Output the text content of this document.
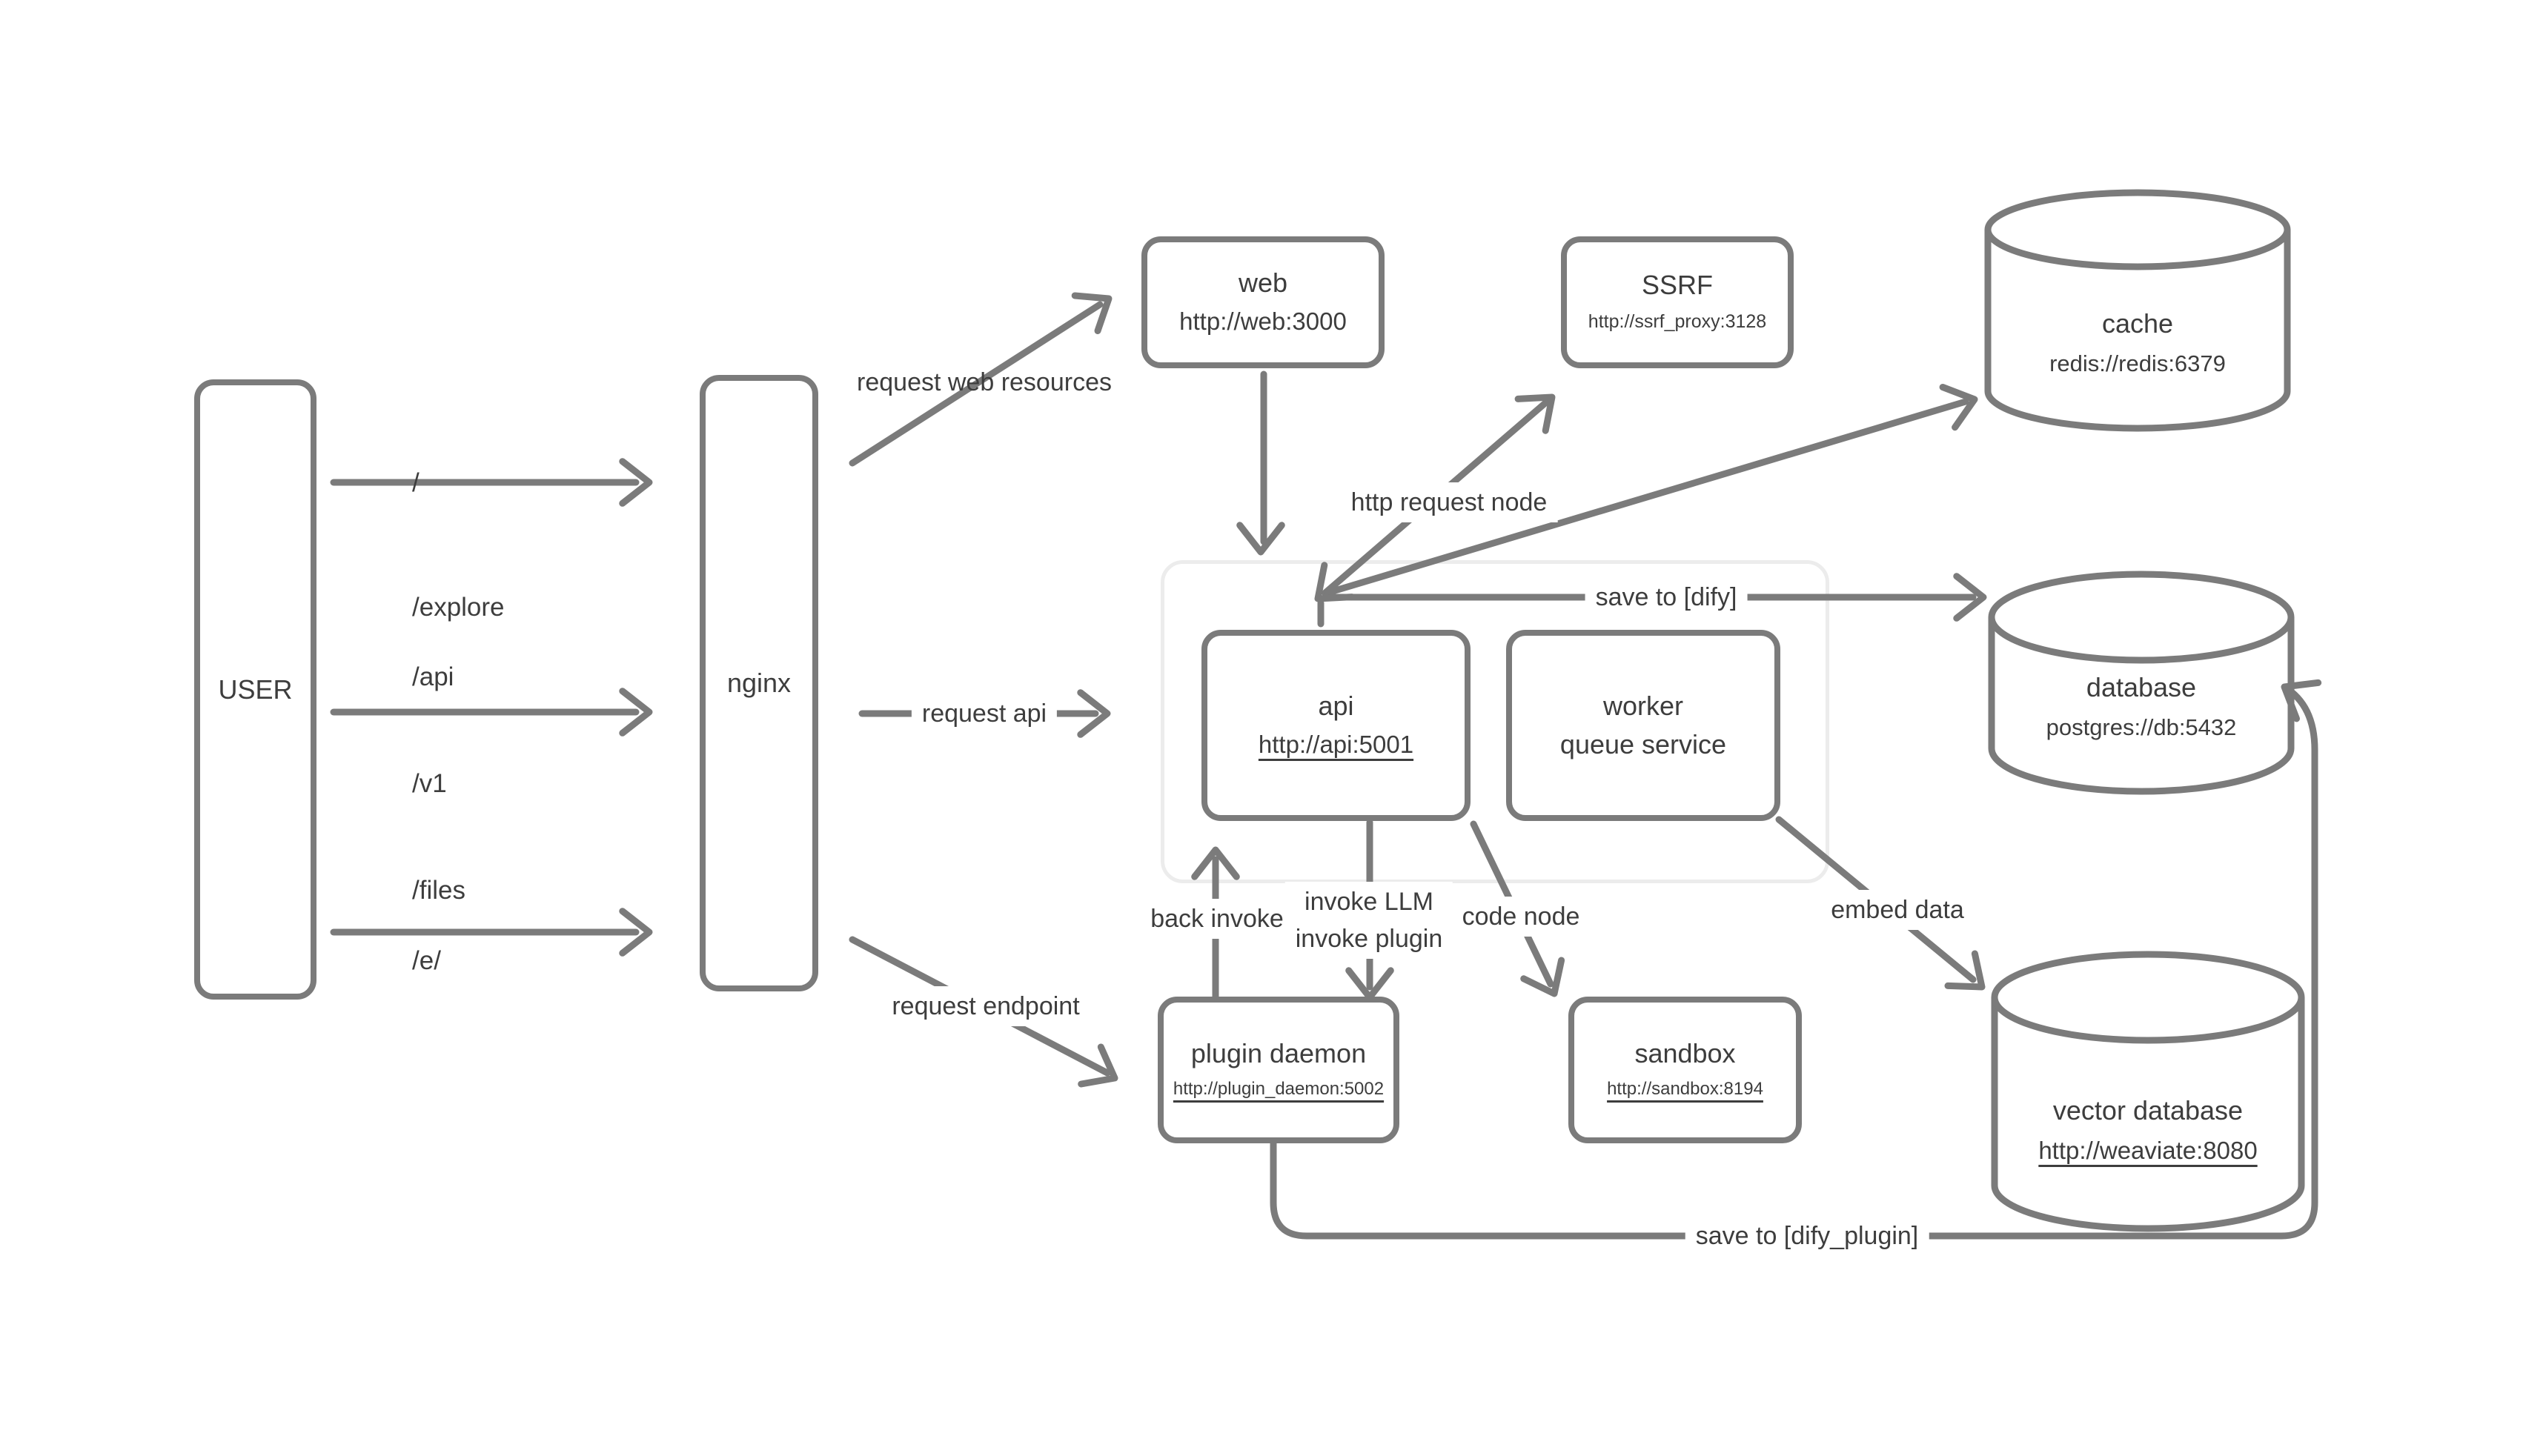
USER	nginx
web
http://web:3000
SSRF
http://ssrf_proxy:3128
api
http://api:5001
worker
queue service
plugin daemon
http://plugin_daemon:5002
sandbox
http://sandbox:8194
cache
redis://redis:6379
database
postgres://db:5432
vector database
http://weaviate:8080

/

/explore

/api

/v1

/files

/e/

request web resources
request api
request endpoint
http request node
save to [dify]
back invoke
invoke LLM
invoke plugin
code node	embed data
save to [dify_plugin]
